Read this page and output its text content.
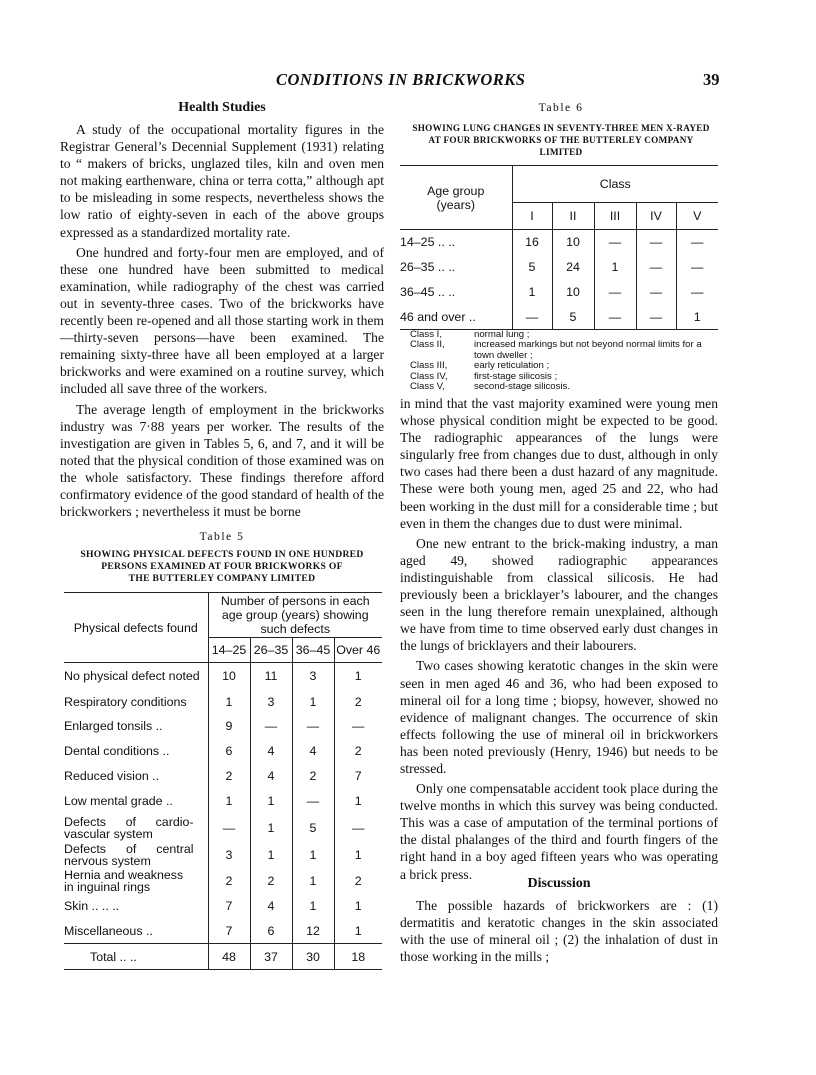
CONDITIONS IN BRICKWORKS	39
Health Studies

A study of the occupational mortality figures in the Registrar General’s Decennial Supplement (1931) relating to “ makers of bricks, unglazed tiles, kiln and oven men not making earthenware, china or terra cotta,” although apt to be misleading in some respects, nevertheless shows the low ratio of eighty-seven in each of the above groups expressed as a standardized mortality rate.

One hundred and forty-four men are employed, and of these one hundred have been submitted to medical examination, while radiography of the chest was carried out in seventy-three cases. Two of the brickworks have recently been re-opened and all those starting work in them—thirty-seven persons—have been examined. The remaining sixty-three have all been employed at a larger brickworks and were examined on a routine survey, which included all save three of the workers.

The average length of employment in the brickworks industry was 7·88 years per worker. The results of the investigation are given in Tables 5, 6, and 7, and it will be noted that the physical condition of those examined was on the whole satisfactory. These findings therefore afford confirmatory evidence of the good standard of health of the brickworkers ; nevertheless it must be borne

Table 5
SHOWING PHYSICAL DEFECTS FOUND IN ONE HUNDRED
PERSONS EXAMINED AT FOUR BRICKWORKS OF
THE BUTTERLEY COMPANY LIMITED
Physical defects found	Number of persons in each age group (years) showing such defects			
	14–25	26–35	36–45	Over 46
No physical defect noted	10	11	3	1
Respiratory conditions	1	3	1	2
Enlarged tonsils ..	9	—	—	—
Dental conditions ..	6	4	4	2
Reduced vision ..	2	4	2	7
Low mental grade ..	1	1	—	1
Defects of cardio-vascular system	—	1	5	—
Defects of central nervous system	3	1	1	1
Hernia and weakness in inguinal rings	2	2	1	2
Skin .. .. ..	7	4	1	1
Miscellaneous ..	7	6	12	1
Total .. ..	48	37	30	18
Table 6
SHOWING LUNG CHANGES IN SEVENTY-THREE MEN X-RAYED
AT FOUR BRICKWORKS OF THE BUTTERLEY COMPANY
LIMITED
Age group (years)	Class				
	I	II	III	IV	V
14–25 .. ..	16	10	—	—	—
26–35 .. ..	5	24	1	—	—
36–45 .. ..	1	10	—	—	—
46 and over ..	—	5	—	—	1
Class I,	normal lung ;
Class II,	increased markings but not beyond normal limits for a town dweller ;
Class III,	early reticulation ;
Class IV,	first-stage silicosis ;
Class V,	second-stage silicosis.

in mind that the vast majority examined were young men whose physical condition might be expected to be good. The radiographic appearances of the lungs were singularly free from changes due to dust, although in only two cases had there been a dust hazard of any magnitude. These were both young men, aged 25 and 22, who had been working in the dust mill for a considerable time ; but even in them the changes due to dust were minimal.

One new entrant to the brick-making industry, a man aged 49, showed radiographic appearances indistinguishable from classical silicosis. He had previously been a bricklayer’s labourer, and the changes seen in the lung therefore remain unexplained, although we have from time to time observed early dust changes in the lungs of bricklayers and their labourers.

Two cases showing keratotic changes in the skin were seen in men aged 46 and 36, who had been exposed to mineral oil for a long time ; biopsy, however, showed no evidence of malignant changes. The occurrence of skin effects following the use of mineral oil in brickworkers has been noted previously (Henry, 1946) but needs to be stressed.

Only one compensatable accident took place during the twelve months in which this survey was being conducted. This was a case of amputation of the terminal portions of the distal phalanges of the third and fourth fingers of the right hand in a boy aged fifteen years who was operating a brick press.

Discussion

The possible hazards of brickworkers are : (1) dermatitis and keratotic changes in the skin associated with the use of mineral oil ; (2) the inhalation of dust in those working in the mills ;
